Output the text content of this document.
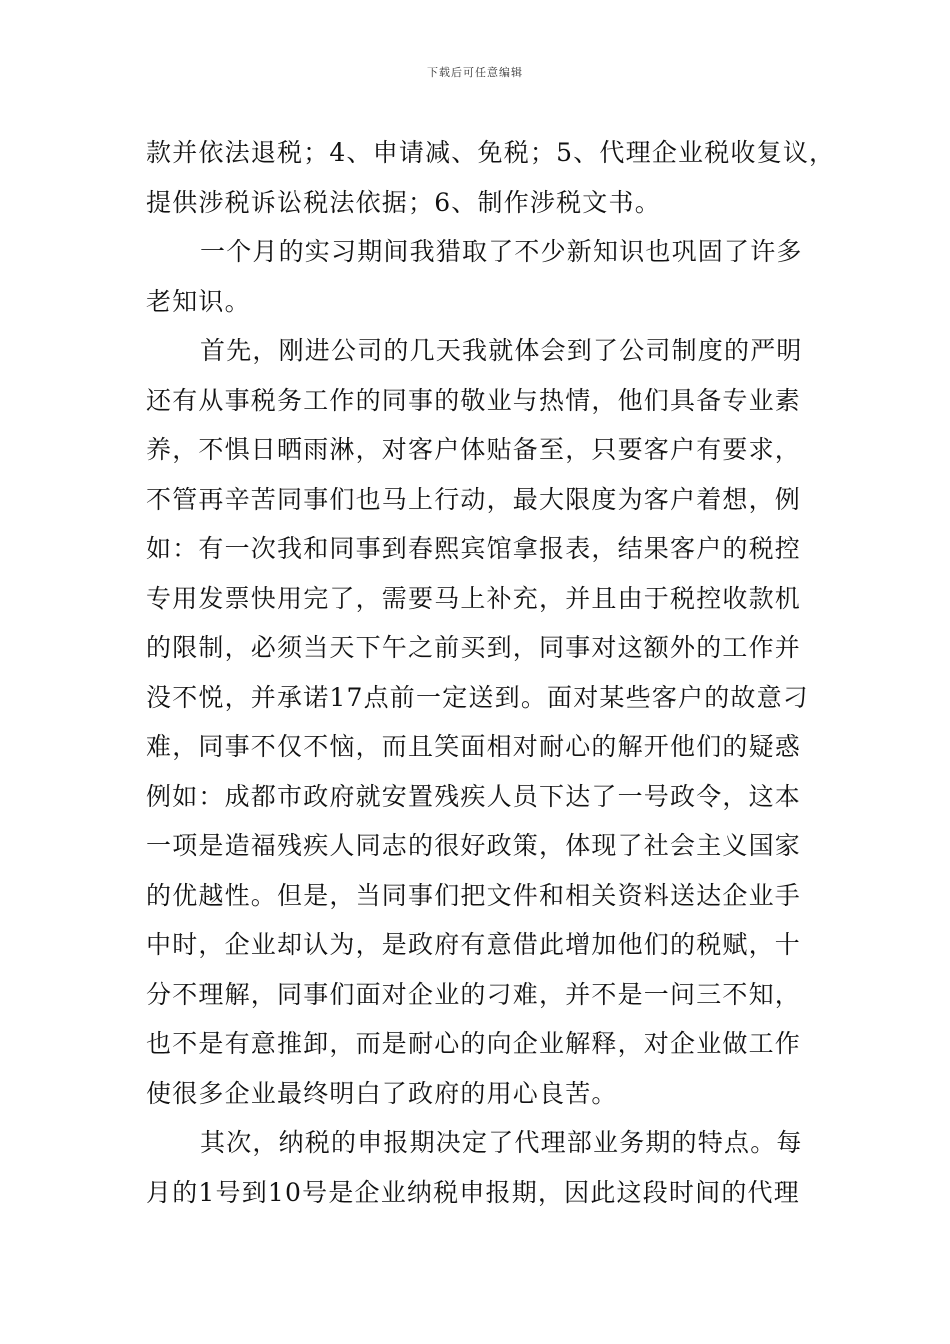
下载后可任意编辑
款并依法退税；4、申请减、免税；5、代理企业税收复议，
提供涉税诉讼税法依据；6、制作涉税文书。
一个月的实习期间我猎取了不少新知识也巩固了许多
老知识。
首先，刚进公司的几天我就体会到了公司制度的严明
还有从事税务工作的同事的敬业与热情，他们具备专业素
养，不惧日晒雨淋，对客户体贴备至，只要客户有要求，
不管再辛苦同事们也马上行动，最大限度为客户着想，例
如：有一次我和同事到春熙宾馆拿报表，结果客户的税控
专用发票快用完了，需要马上补充，并且由于税控收款机
的限制，必须当天下午之前买到，同事对这额外的工作并
没不悦，并承诺17点前一定送到。面对某些客户的故意刁
难，同事不仅不恼，而且笑面相对耐心的解开他们的疑惑
例如：成都市政府就安置残疾人员下达了一号政令，这本
一项是造福残疾人同志的很好政策，体现了社会主义国家
的优越性。但是，当同事们把文件和相关资料送达企业手
中时，企业却认为，是政府有意借此增加他们的税赋，十
分不理解，同事们面对企业的刁难，并不是一问三不知，
也不是有意推卸，而是耐心的向企业解释，对企业做工作
使很多企业最终明白了政府的用心良苦。
其次，纳税的申报期决定了代理部业务期的特点。每
月的1号到10号是企业纳税申报期，因此这段时间的代理
